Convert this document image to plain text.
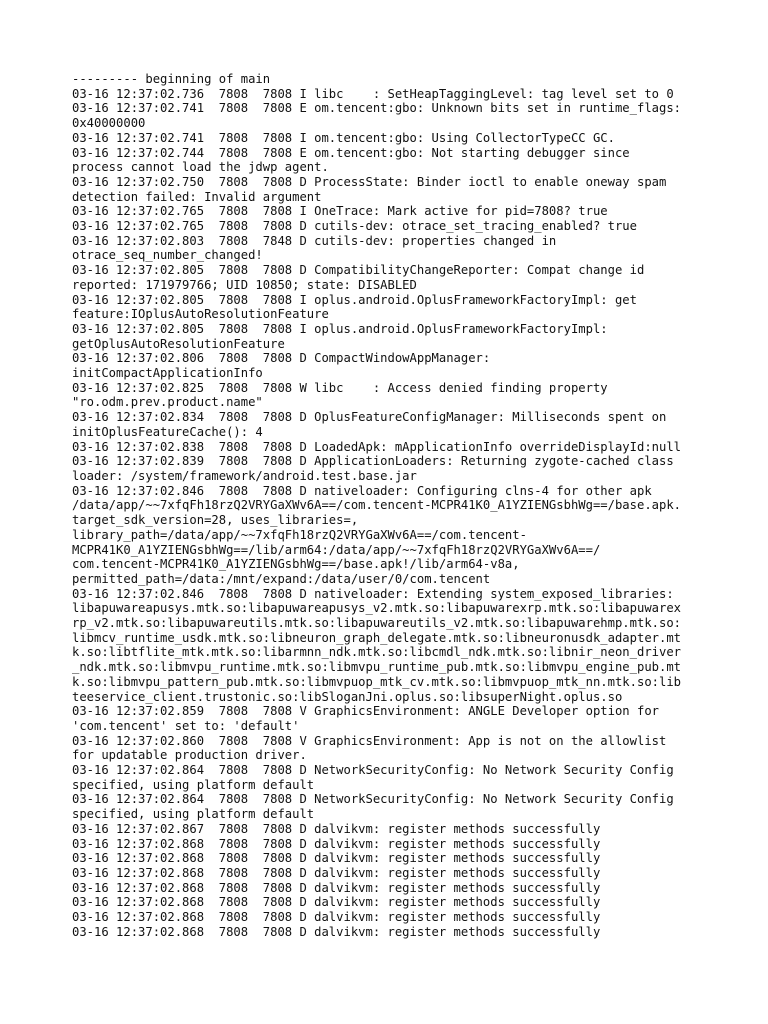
--------- beginning of main
03-16 12:37:02.736  7808  7808 I libc    : SetHeapTaggingLevel: tag level set to 0
03-16 12:37:02.741  7808  7808 E om.tencent:gbo: Unknown bits set in runtime_flags:
0x40000000
03-16 12:37:02.741  7808  7808 I om.tencent:gbo: Using CollectorTypeCC GC.
03-16 12:37:02.744  7808  7808 E om.tencent:gbo: Not starting debugger since
process cannot load the jdwp agent.
03-16 12:37:02.750  7808  7808 D ProcessState: Binder ioctl to enable oneway spam
detection failed: Invalid argument
03-16 12:37:02.765  7808  7808 I OneTrace: Mark active for pid=7808? true
03-16 12:37:02.765  7808  7808 D cutils-dev: otrace_set_tracing_enabled? true
03-16 12:37:02.803  7808  7848 D cutils-dev: properties changed in
otrace_seq_number_changed!
03-16 12:37:02.805  7808  7808 D CompatibilityChangeReporter: Compat change id
reported: 171979766; UID 10850; state: DISABLED
03-16 12:37:02.805  7808  7808 I oplus.android.OplusFrameworkFactoryImpl: get
feature:IOplusAutoResolutionFeature
03-16 12:37:02.805  7808  7808 I oplus.android.OplusFrameworkFactoryImpl:
getOplusAutoResolutionFeature
03-16 12:37:02.806  7808  7808 D CompactWindowAppManager:
initCompactApplicationInfo
03-16 12:37:02.825  7808  7808 W libc    : Access denied finding property
"ro.odm.prev.product.name"
03-16 12:37:02.834  7808  7808 D OplusFeatureConfigManager: Milliseconds spent on
initOplusFeatureCache(): 4
03-16 12:37:02.838  7808  7808 D LoadedApk: mApplicationInfo overrideDisplayId:null
03-16 12:37:02.839  7808  7808 D ApplicationLoaders: Returning zygote-cached class
loader: /system/framework/android.test.base.jar
03-16 12:37:02.846  7808  7808 D nativeloader: Configuring clns-4 for other apk
/data/app/~~7xfqFh18rzQ2VRYGaXWv6A==/com.tencent-MCPR41K0_A1YZIENGsbhWg==/base.apk.
target_sdk_version=28, uses_libraries=,
library_path=/data/app/~~7xfqFh18rzQ2VRYGaXWv6A==/com.tencent-
MCPR41K0_A1YZIENGsbhWg==/lib/arm64:/data/app/~~7xfqFh18rzQ2VRYGaXWv6A==/
com.tencent-MCPR41K0_A1YZIENGsbhWg==/base.apk!/lib/arm64-v8a,
permitted_path=/data:/mnt/expand:/data/user/0/com.tencent
03-16 12:37:02.846  7808  7808 D nativeloader: Extending system_exposed_libraries:
libapuwareapusys.mtk.so:libapuwareapusys_v2.mtk.so:libapuwarexrp.mtk.so:libapuwarex
rp_v2.mtk.so:libapuwareutils.mtk.so:libapuwareutils_v2.mtk.so:libapuwarehmp.mtk.so:
libmcv_runtime_usdk.mtk.so:libneuron_graph_delegate.mtk.so:libneuronusdk_adapter.mt
k.so:libtflite_mtk.mtk.so:libarmnn_ndk.mtk.so:libcmdl_ndk.mtk.so:libnir_neon_driver
_ndk.mtk.so:libmvpu_runtime.mtk.so:libmvpu_runtime_pub.mtk.so:libmvpu_engine_pub.mt
k.so:libmvpu_pattern_pub.mtk.so:libmvpuop_mtk_cv.mtk.so:libmvpuop_mtk_nn.mtk.so:lib
teeservice_client.trustonic.so:libSloganJni.oplus.so:libsuperNight.oplus.so
03-16 12:37:02.859  7808  7808 V GraphicsEnvironment: ANGLE Developer option for
'com.tencent' set to: 'default'
03-16 12:37:02.860  7808  7808 V GraphicsEnvironment: App is not on the allowlist
for updatable production driver.
03-16 12:37:02.864  7808  7808 D NetworkSecurityConfig: No Network Security Config
specified, using platform default
03-16 12:37:02.864  7808  7808 D NetworkSecurityConfig: No Network Security Config
specified, using platform default
03-16 12:37:02.867  7808  7808 D dalvikvm: register methods successfully
03-16 12:37:02.868  7808  7808 D dalvikvm: register methods successfully
03-16 12:37:02.868  7808  7808 D dalvikvm: register methods successfully
03-16 12:37:02.868  7808  7808 D dalvikvm: register methods successfully
03-16 12:37:02.868  7808  7808 D dalvikvm: register methods successfully
03-16 12:37:02.868  7808  7808 D dalvikvm: register methods successfully
03-16 12:37:02.868  7808  7808 D dalvikvm: register methods successfully
03-16 12:37:02.868  7808  7808 D dalvikvm: register methods successfully
